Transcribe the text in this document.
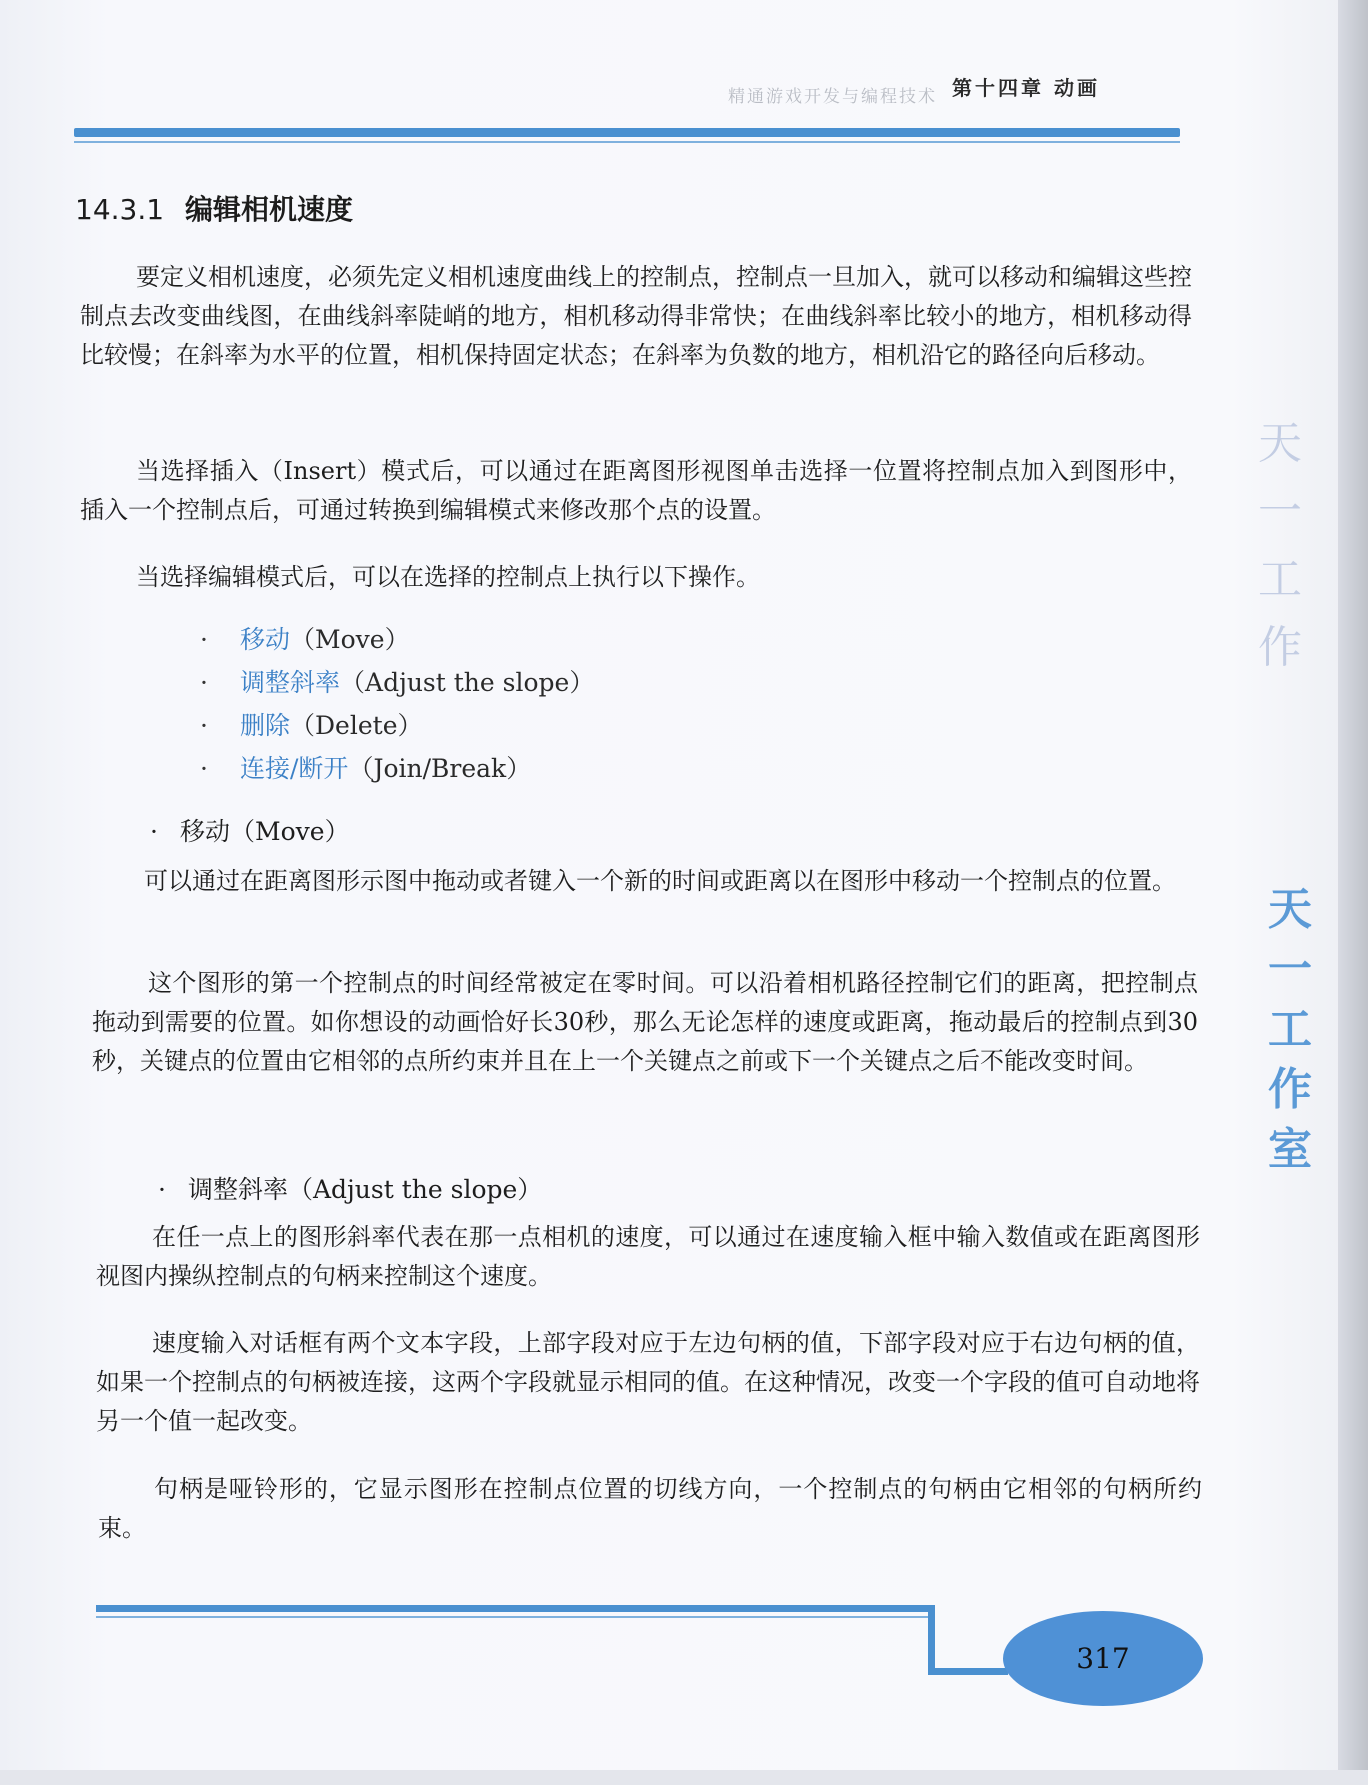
精通游戏开发与编程技术 第十四章 动画
14.3.1 编辑相机速度
要定义相机速度，必须先定义相机速度曲线上的控制点，控制点一旦加入，就可以移动和编辑这些控制点去改变曲线图，在曲线斜率陡峭的地方，相机移动得非常快；在曲线斜率比较小的地方，相机移动得比较慢；在斜率为水平的位置，相机保持固定状态；在斜率为负数的地方，相机沿它的路径向后移动。
当选择插入（Insert）模式后，可以通过在距离图形视图单击选择一位置将控制点加入到图形中，插入一个控制点后，可通过转换到编辑模式来修改那个点的设置。
当选择编辑模式后，可以在选择的控制点上执行以下操作。
· 移动（Move）
· 调整斜率（Adjust the slope）
· 删除（Delete）
· 连接/断开（Join/Break）
· 移动（Move）
可以通过在距离图形示图中拖动或者键入一个新的时间或距离以在图形中移动一个控制点的位置。
这个图形的第一个控制点的时间经常被定在零时间。可以沿着相机路径控制它们的距离，把控制点拖动到需要的位置。如你想设的动画恰好长30秒，那么无论怎样的速度或距离，拖动最后的控制点到30秒，关键点的位置由它相邻的点所约束并且在上一个关键点之前或下一个关键点之后不能改变时间。
· 调整斜率（Adjust the slope）
在任一点上的图形斜率代表在那一点相机的速度，可以通过在速度输入框中输入数值或在距离图形视图内操纵控制点的句柄来控制这个速度。
速度输入对话框有两个文本字段，上部字段对应于左边句柄的值，下部字段对应于右边句柄的值，如果一个控制点的句柄被连接，这两个字段就显示相同的值。在这种情况，改变一个字段的值可自动地将另一个值一起改变。
句柄是哑铃形的，它显示图形在控制点位置的切线方向，一个控制点的句柄由它相邻的句柄所约束。
天
一
工
作
天
一
工
作
室
317
